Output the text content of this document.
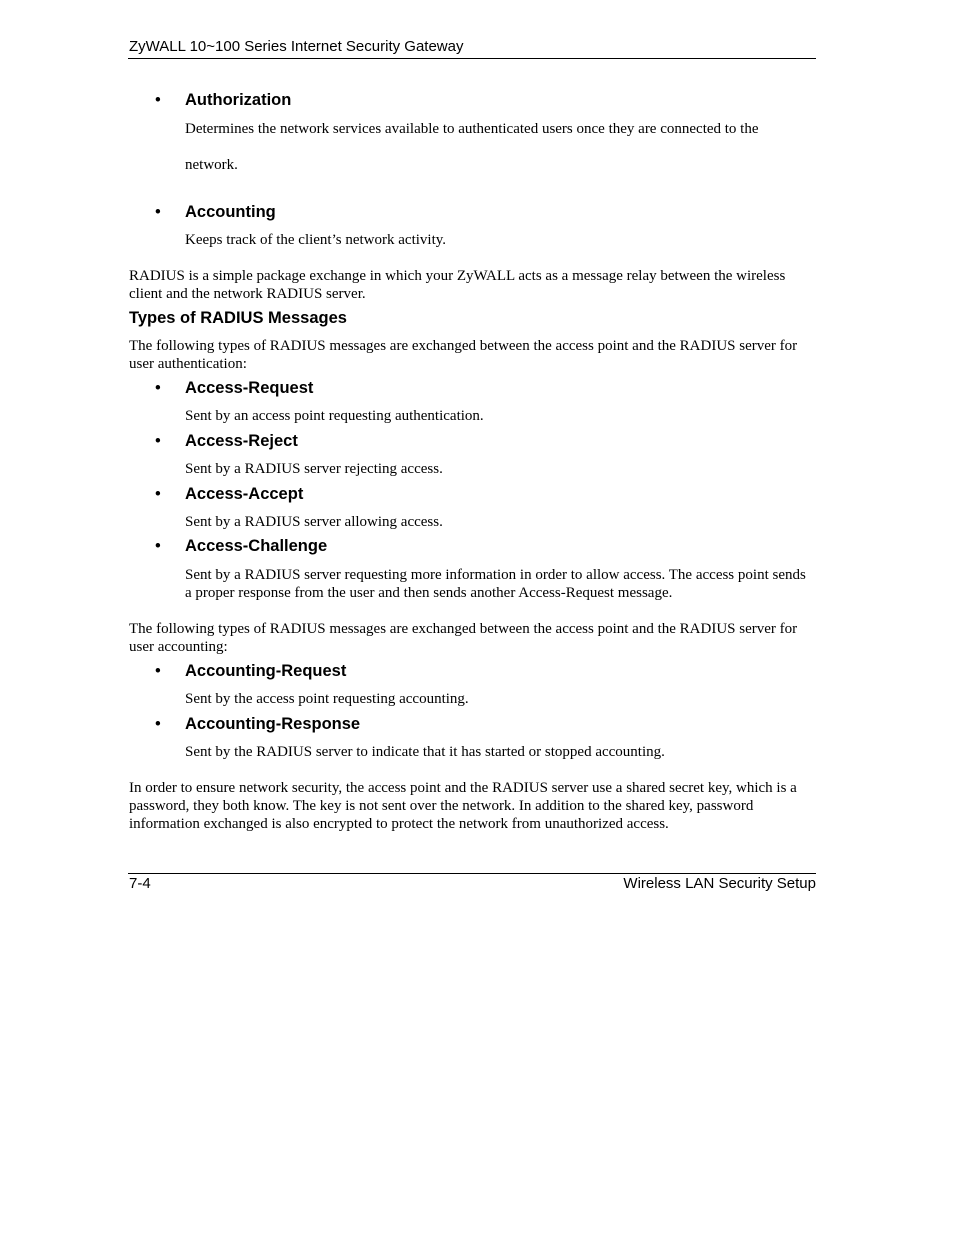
ZyWALL 10~100 Series Internet Security Gateway
• Authorization
Determines the network services available to authenticated users once they are connected to the
network.
• Accounting
Keeps track of the client’s network activity.
RADIUS is a simple package exchange in which your ZyWALL acts as a message relay between the wireless client and the network RADIUS server.
Types of RADIUS Messages
The following types of RADIUS messages are exchanged between the access point and the RADIUS server for user authentication:
• Access-Request
Sent by an access point requesting authentication.
• Access-Reject
Sent by a RADIUS server rejecting access.
• Access-Accept
Sent by a RADIUS server allowing access.
• Access-Challenge
Sent by a RADIUS server requesting more information in order to allow access. The access point sends a proper response from the user and then sends another Access-Request message.
The following types of RADIUS messages are exchanged between the access point and the RADIUS server for user accounting:
• Accounting-Request
Sent by the access point requesting accounting.
• Accounting-Response
Sent by the RADIUS server to indicate that it has started or stopped accounting.
In order to ensure network security, the access point and the RADIUS server use a shared secret key, which is a password, they both know. The key is not sent over the network. In addition to the shared key, password information exchanged is also encrypted to protect the network from unauthorized access.
7-4	Wireless LAN Security Setup
